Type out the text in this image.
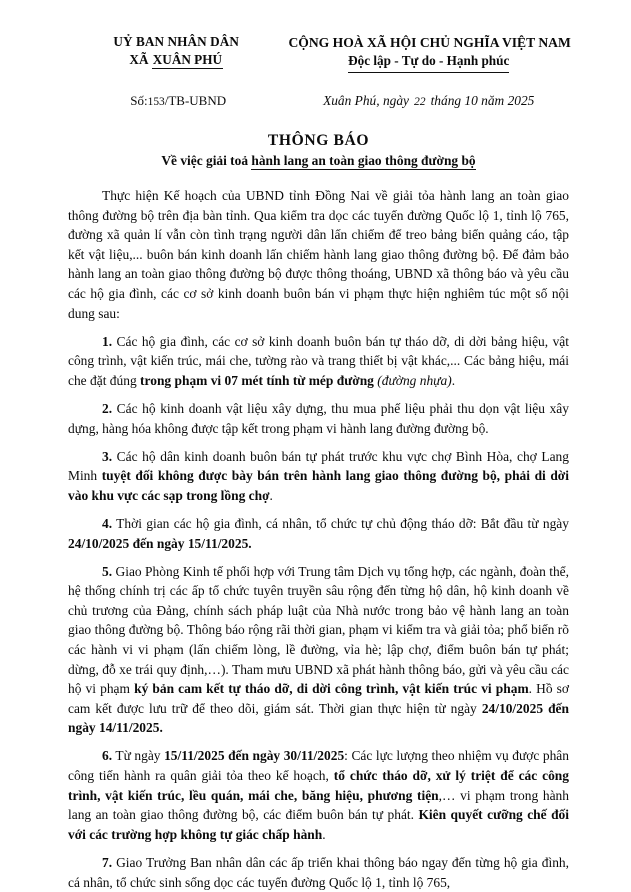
UỶ BAN NHÂN DÂN
XÃ XUÂN PHÚ
CỘNG HOÀ XÃ HỘI CHỦ NGHĨA VIỆT NAM
Độc lập - Tự do - Hạnh phúc
Số:153/TB-UBND	Xuân Phú, ngày 22 tháng 10 năm 2025
THÔNG BÁO
Về việc giải toả hành lang an toàn giao thông đường bộ

Thực hiện Kế hoạch của UBND tỉnh Đồng Nai về giải tỏa hành lang an toàn giao thông đường bộ trên địa bàn tỉnh. Qua kiểm tra dọc các tuyến đường Quốc lộ 1, tỉnh lộ 765, đường xã quản lí vẫn còn tình trạng người dân lấn chiếm để treo bảng biển quảng cáo, tập kết vật liệu,... buôn bán kinh doanh lấn chiếm hành lang giao thông đường bộ. Để đảm bảo hành lang an toàn giao thông đường bộ được thông thoáng, UBND xã thông báo và yêu cầu các hộ gia đình, các cơ sở kinh doanh buôn bán vi phạm thực hiện nghiêm túc một số nội dung sau:

1. Các hộ gia đình, các cơ sở kinh doanh buôn bán tự tháo dỡ, di dời bảng hiệu, vật công trình, vật kiến trúc, mái che, tường rào và trang thiết bị vật khác,... Các bảng hiệu, mái che đặt đúng trong phạm vi 07 mét tính từ mép đường (đường nhựa).

2. Các hộ kinh doanh vật liệu xây dựng, thu mua phế liệu phải thu dọn vật liệu xây dựng, hàng hóa không được tập kết trong phạm vi hành lang đường đường bộ.

3. Các hộ dân kinh doanh buôn bán tự phát trước khu vực chợ Bình Hòa, chợ Lang Minh tuyệt đối không được bày bán trên hành lang giao thông đường bộ, phải di dời vào khu vực các sạp trong lồng chợ.

4. Thời gian các hộ gia đình, cá nhân, tổ chức tự chủ động tháo dỡ: Bắt đầu từ ngày 24/10/2025 đến ngày 15/11/2025.

5. Giao Phòng Kinh tế phối hợp với Trung tâm Dịch vụ tổng hợp, các ngành, đoàn thể, hệ thống chính trị các ấp tổ chức tuyên truyền sâu rộng đến từng hộ dân, hộ kinh doanh về chủ trương của Đảng, chính sách pháp luật của Nhà nước trong bảo vệ hành lang an toàn giao thông đường bộ. Thông báo rộng rãi thời gian, phạm vi kiểm tra và giải tỏa; phổ biến rõ các hành vi vi phạm (lấn chiếm lòng, lề đường, vỉa hè; lập chợ, điểm buôn bán tự phát; dừng, đỗ xe trái quy định,…). Tham mưu UBND xã phát hành thông báo, gửi và yêu cầu các hộ vi phạm ký bản cam kết tự tháo dỡ, di dời công trình, vật kiến trúc vi phạm. Hồ sơ cam kết được lưu trữ để theo dõi, giám sát. Thời gian thực hiện từ ngày 24/10/2025 đến ngày 14/11/2025.

6. Từ ngày 15/11/2025 đến ngày 30/11/2025: Các lực lượng theo nhiệm vụ được phân công tiến hành ra quân giải tỏa theo kế hoạch, tổ chức tháo dỡ, xử lý triệt để các công trình, vật kiến trúc, lều quán, mái che, băng hiệu, phương tiện,… vi phạm trong hành lang an toàn giao thông đường bộ, các điểm buôn bán tự phát. Kiên quyết cưỡng chế đối với các trường hợp không tự giác chấp hành.

7. Giao Trưởng Ban nhân dân các ấp triển khai thông báo ngay đến từng hộ gia đình, cá nhân, tổ chức sinh sống dọc các tuyến đường Quốc lộ 1, tỉnh lộ 765,
